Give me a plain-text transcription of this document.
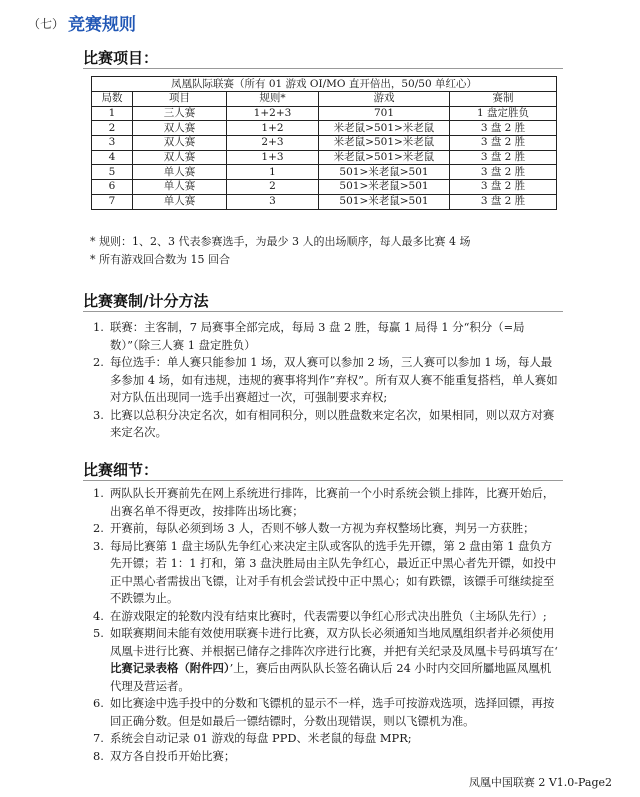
（七） 竞赛规则
比赛项目：
凤凰队际联赛（所有 01 游戏 OI/MO 直开倍出，50/50 单红心）				
局数	项目	规则*	游戏	赛制
1	三人赛	1+2+3	701	1 盘定胜负
2	双人赛	1+2	米老鼠>501>米老鼠	3 盘 2 胜
3	双人赛	2+3	米老鼠>501>米老鼠	3 盘 2 胜
4	双人赛	1+3	米老鼠>501>米老鼠	3 盘 2 胜
5	单人赛	1	501>米老鼠>501	3 盘 2 胜
6	单人赛	2	501>米老鼠>501	3 盘 2 胜
7	单人赛	3	501>米老鼠>501	3 盘 2 胜
* 规则：1、2、3 代表参赛选手，为最少 3 人的出场顺序，每人最多比赛 4 场
* 所有游戏回合数为 15 回合
比赛赛制/计分方法
1. 联赛：主客制，7 局赛事全部完成，每局 3 盘 2 胜，每赢 1 局得 1 分“积分（=局数）”（除三人赛 1 盘定胜负）
2. 每位选手：单人赛只能参加 1 场，双人赛可以参加 2 场，三人赛可以参加 1 场，每人最多参加 4 场，如有违规，违规的赛事将判作”弃权”。所有双人赛不能重复搭档，单人赛如对方队伍出现同一选手出赛超过一次，可强制要求弃权;
3. 比赛以总积分决定名次，如有相同积分，则以胜盘数来定名次，如果相同，则以双方对赛来定名次。
比赛细节：
1. 两队队长开赛前先在网上系统进行排阵，比赛前一个小时系统会锁上排阵，比赛开始后，出赛名单不得更改，按排阵出场比赛；
2. 开赛前，每队必须到场 3 人，否则不够人数一方视为弃权整场比赛，判另一方获胜；
3. 每局比赛第 1 盘主场队先争红心来决定主队或客队的选手先开镖，第 2 盘由第 1 盘负方先开镖；若 1：1 打和，第 3 盘決胜局由主队先争红心，最近正中黑心者先开镖，如投中正中黑心者需拔出飞镖，让对手有机会尝试投中正中黑心；如有跌镖，该镖手可继续掟至不跌镖为止。
4. 在游戏限定的轮数内没有结束比赛时，代表需要以争红心形式决出胜负（主场队先行）;
5. 如联赛期间未能有效使用联赛卡进行比赛，双方队长必须通知当地凤凰组织者并必须使用凤凰卡进行比赛、并根据已储存之排阵次序进行比赛，并把有关纪录及凤凰卡号码填写在‘ 比赛记录表格（附件四）’上，赛后由两队队长签名确认后 24 小时内交回所屬地區凤凰机代理及营运者。
6. 如比赛途中选手投中的分数和飞镖机的显示不一样，选手可按游戏选项，选择回镖，再按回正确分数。但是如最后一镖结镖时，分数出现错误，则以飞镖机为准。
7. 系统会自动记录 01 游戏的每盘 PPD、米老鼠的每盘 MPR;
8. 双方各自投币开始比赛；
凤凰中国联赛 2 V1.0-Page2
